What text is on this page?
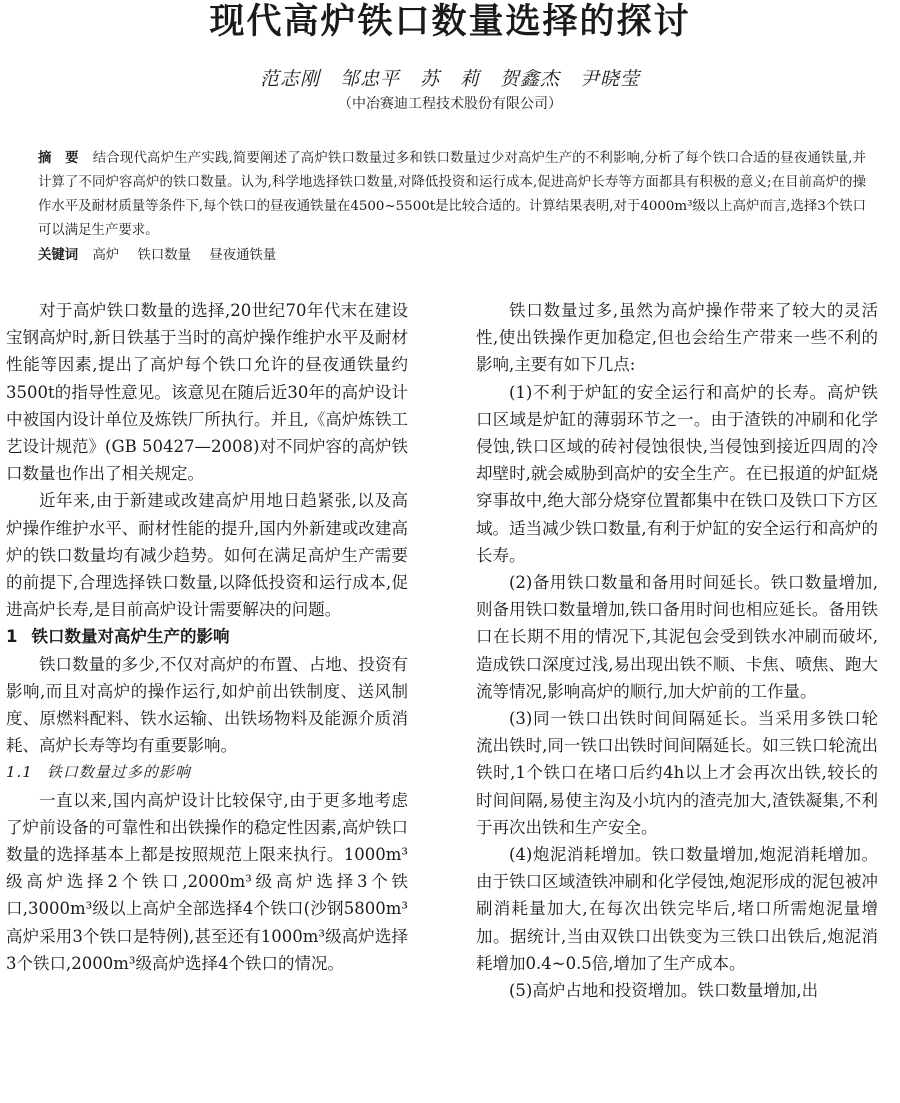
现代高炉铁口数量选择的探讨
范志刚　邹忠平　苏　莉　贺鑫杰　尹晓莹
（中冶赛迪工程技术股份有限公司）
摘　要 结合现代高炉生产实践,简要阐述了高炉铁口数量过多和铁口数量过少对高炉生产的不利影响,分析了每个铁口合适的昼夜通铁量,并计算了不同炉容高炉的铁口数量。认为,科学地选择铁口数量,对降低投资和运行成本,促进高炉长寿等方面都具有积极的意义;在目前高炉的操作水平及耐材质量等条件下,每个铁口的昼夜通铁量在4500~5500t是比较合适的。计算结果表明,对于4000m³级以上高炉而言,选择3个铁口可以满足生产要求。
关键词 高炉 铁口数量 昼夜通铁量

对于高炉铁口数量的选择,20世纪70年代末在建设宝钢高炉时,新日铁基于当时的高炉操作维护水平及耐材性能等因素,提出了高炉每个铁口允许的昼夜通铁量约3500t的指导性意见。该意见在随后近30年的高炉设计中被国内设计单位及炼铁厂所执行。并且,《高炉炼铁工艺设计规范》(GB 50427—2008)对不同炉容的高炉铁口数量也作出了相关规定。

近年来,由于新建或改建高炉用地日趋紧张,以及高炉操作维护水平、耐材性能的提升,国内外新建或改建高炉的铁口数量均有减少趋势。如何在满足高炉生产需要的前提下,合理选择铁口数量,以降低投资和运行成本,促进高炉长寿,是目前高炉设计需要解决的问题。

1 铁口数量对高炉生产的影响

铁口数量的多少,不仅对高炉的布置、占地、投资有影响,而且对高炉的操作运行,如炉前出铁制度、送风制度、原燃料配料、铁水运输、出铁场物料及能源介质消耗、高炉长寿等均有重要影响。

1.1 铁口数量过多的影响

一直以来,国内高炉设计比较保守,由于更多地考虑了炉前设备的可靠性和出铁操作的稳定性因素,高炉铁口数量的选择基本上都是按照规范上限来执行。1000m³级高炉选择2个铁口,2000m³级高炉选择3个铁口,3000m³级以上高炉全部选择4个铁口(沙钢5800m³高炉采用3个铁口是特例),甚至还有1000m³级高炉选择3个铁口,2000m³级高炉选择4个铁口的情况。

铁口数量过多,虽然为高炉操作带来了较大的灵活性,使出铁操作更加稳定,但也会给生产带来一些不利的影响,主要有如下几点:

(1)不利于炉缸的安全运行和高炉的长寿。高炉铁口区域是炉缸的薄弱环节之一。由于渣铁的冲刷和化学侵蚀,铁口区域的砖衬侵蚀很快,当侵蚀到接近四周的冷却壁时,就会威胁到高炉的安全生产。在已报道的炉缸烧穿事故中,绝大部分烧穿位置都集中在铁口及铁口下方区域。适当减少铁口数量,有利于炉缸的安全运行和高炉的长寿。

(2)备用铁口数量和备用时间延长。铁口数量增加,则备用铁口数量增加,铁口备用时间也相应延长。备用铁口在长期不用的情况下,其泥包会受到铁水冲刷而破坏,造成铁口深度过浅,易出现出铁不顺、卡焦、喷焦、跑大流等情况,影响高炉的顺行,加大炉前的工作量。

(3)同一铁口出铁时间间隔延长。当采用多铁口轮流出铁时,同一铁口出铁时间间隔延长。如三铁口轮流出铁时,1个铁口在堵口后约4h以上才会再次出铁,较长的时间间隔,易使主沟及小坑内的渣壳加大,渣铁凝集,不利于再次出铁和生产安全。

(4)炮泥消耗增加。铁口数量增加,炮泥消耗增加。由于铁口区域渣铁冲刷和化学侵蚀,炮泥形成的泥包被冲刷消耗量加大,在每次出铁完毕后,堵口所需炮泥量增加。据统计,当由双铁口出铁变为三铁口出铁后,炮泥消耗增加0.4~0.5倍,增加了生产成本。

(5)高炉占地和投资增加。铁口数量增加,出
